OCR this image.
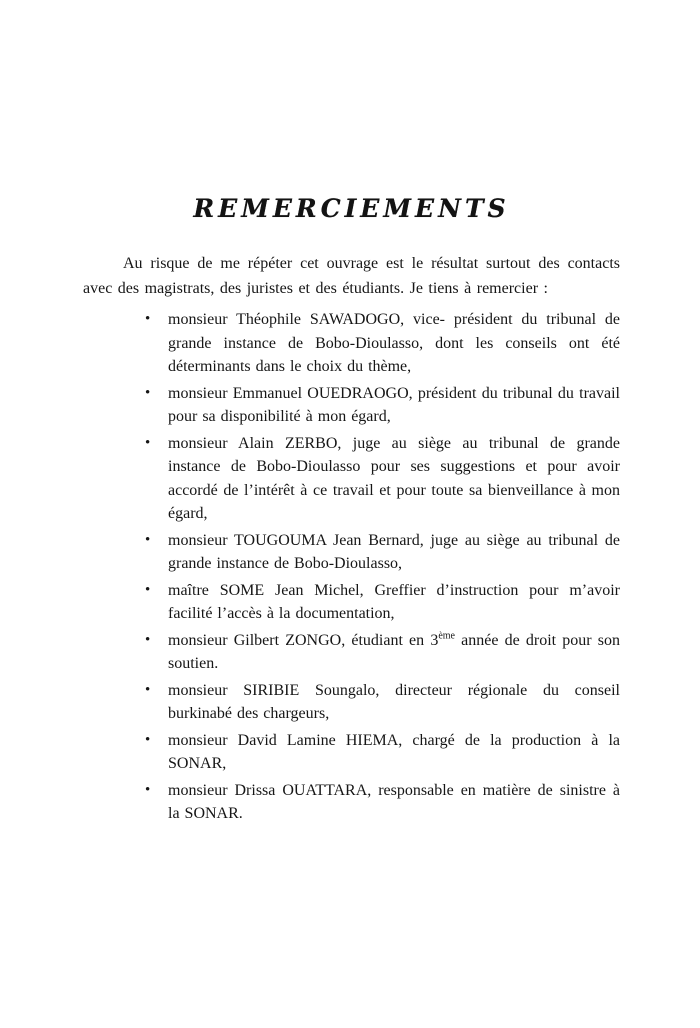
REMERCIEMENTS

Au risque de me répéter cet ouvrage est le résultat surtout des contacts avec des magistrats, des juristes et des étudiants. Je tiens à remercier :

• monsieur Théophile SAWADOGO, vice- président du tribunal de grande instance de Bobo-Dioulasso, dont les conseils ont été déterminants dans le choix du thème,
• monsieur Emmanuel OUEDRAOGO, président du tribunal du travail pour sa disponibilité à mon égard,
• monsieur Alain ZERBO, juge au siège au tribunal de grande instance de Bobo-Dioulasso pour ses suggestions et pour avoir accordé de l’intérêt à ce travail et pour toute sa bienveillance à mon égard,
• monsieur TOUGOUMA Jean Bernard, juge au siège au tribunal de grande instance de Bobo-Dioulasso,
• maître SOME Jean Michel, Greffier d’instruction pour m’avoir facilité l’accès à la documentation,
• monsieur Gilbert ZONGO, étudiant en 3ème année de droit pour son soutien.
• monsieur SIRIBIE Soungalo, directeur régionale du conseil burkinabé des chargeurs,
• monsieur David Lamine HIEMA, chargé de la production à la SONAR,
• monsieur Drissa OUATTARA, responsable en matière de sinistre à la SONAR.
